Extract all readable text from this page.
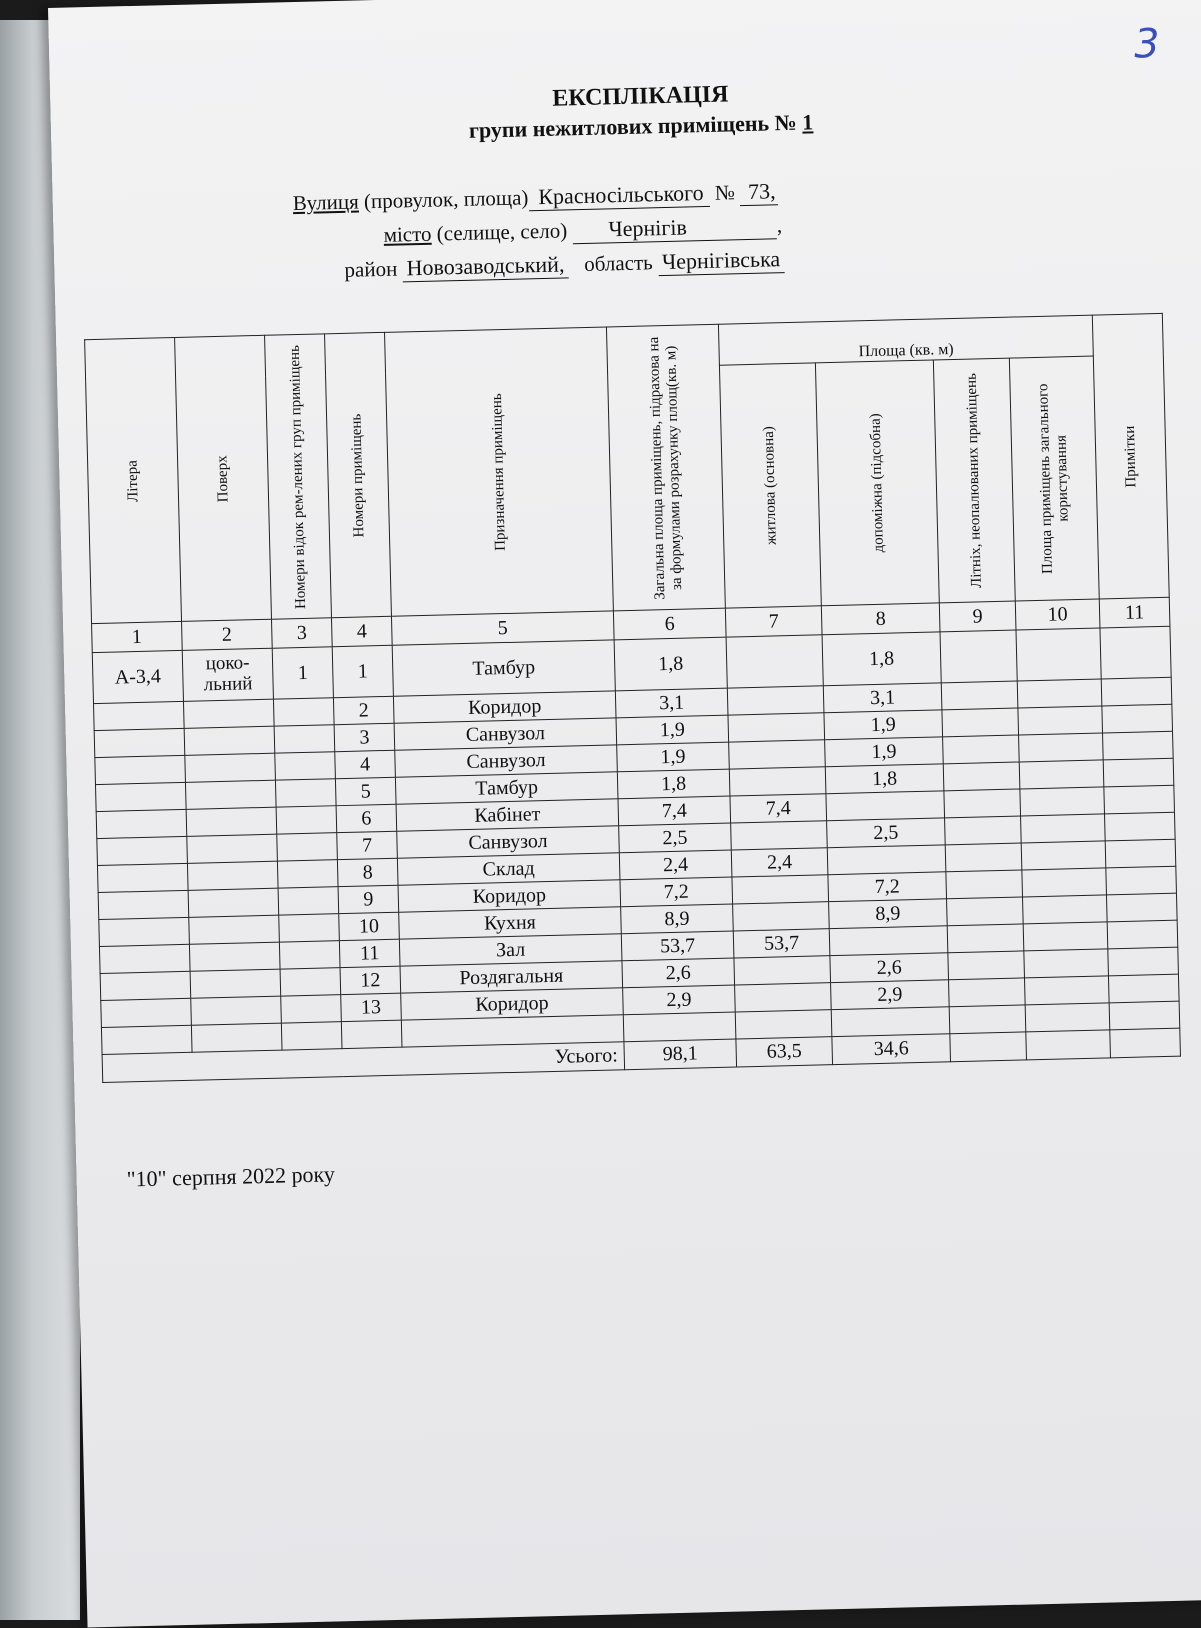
3
ЕКСПЛІКАЦІЯ
групи нежитлових приміщень № 1
Вулиця (провулок, площа) Красносільського № 73,
місто (селище, село) Чернігів	,
район Новозаводський, область Чернігівська
Літера	Поверх	Номери відок рем-лених груп приміщень	Номери приміщень	Призначення приміщень	Загальна площа приміщень, підрахова на за формулами розрахунку площ(кв. м)	Площа (кв. м)				Примітки

						житлова (основна)	допоміжна (підсобна)	Літніх, неопалюваних приміщень	Площа приміщень загального користування	

1	2	3	4	5	6	7	8	9	10	11
А-3,4	цоко-льний	1	1	Тамбур	1,8		1,8			
			2	Коридор	3,1		3,1			
			3	Санвузол	1,9		1,9			
			4	Санвузол	1,9		1,9			
			5	Тамбур	1,8		1,8			
			6	Кабінет	7,4	7,4				
			7	Санвузол	2,5		2,5			
			8	Склад	2,4	2,4				
			9	Коридор	7,2		7,2			
			10	Кухня	8,9		8,9			
			11	Зал	53,7	53,7				
			12	Роздягальня	2,6		2,6			
			13	Коридор	2,9		2,9			

Усього:					98,1	63,5	34,6			
"10" серпня 2022 року
